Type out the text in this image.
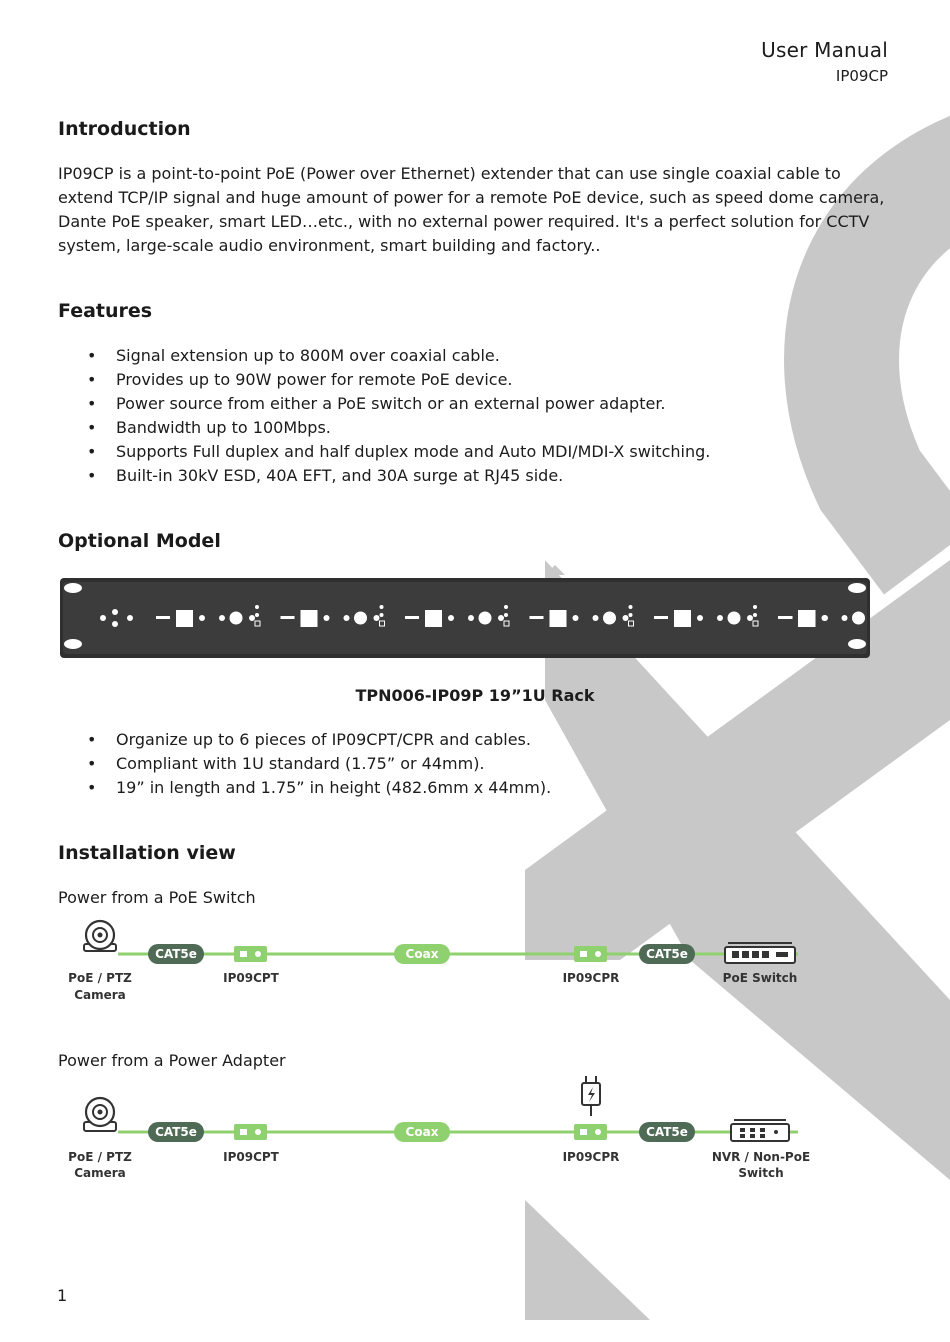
User Manual
IP09CP
Introduction
IP09CP is a point-to-point PoE (Power over Ethernet) extender that can use single coaxial cable to extend TCP/IP signal and huge amount of power for a remote PoE device, such as speed dome camera, Dante PoE speaker, smart LED…etc., with no external power required. It's a perfect solution for CCTV system, large-scale audio environment, smart building and factory..
Features
• Signal extension up to 800M over coaxial cable.
• Provides up to 90W power for remote PoE device.
• Power source from either a PoE switch or an external power adapter.
• Bandwidth up to 100Mbps.
• Supports Full duplex and half duplex mode and Auto MDI/MDI-X switching.
• Built-in 30kV ESD, 40A EFT, and 30A surge at RJ45 side.
Optional Model
TPN006-IP09P 19”1U Rack
• Organize up to 6 pieces of IP09CPT/CPR and cables.
• Compliant with 1U standard (1.75” or 44mm).
• 19” in length and 1.75” in height (482.6mm x 44mm).
Installation view
Power from a PoE Switch
PoE / PTZ
Camera
CAT5e
IP09CPT
Coax
IP09CPR
CAT5e
PoE Switch
Power from a Power Adapter
PoE / PTZ
Camera
CAT5e
IP09CPT
Coax
IP09CPR
CAT5e
NVR / Non-PoE
Switch
1
